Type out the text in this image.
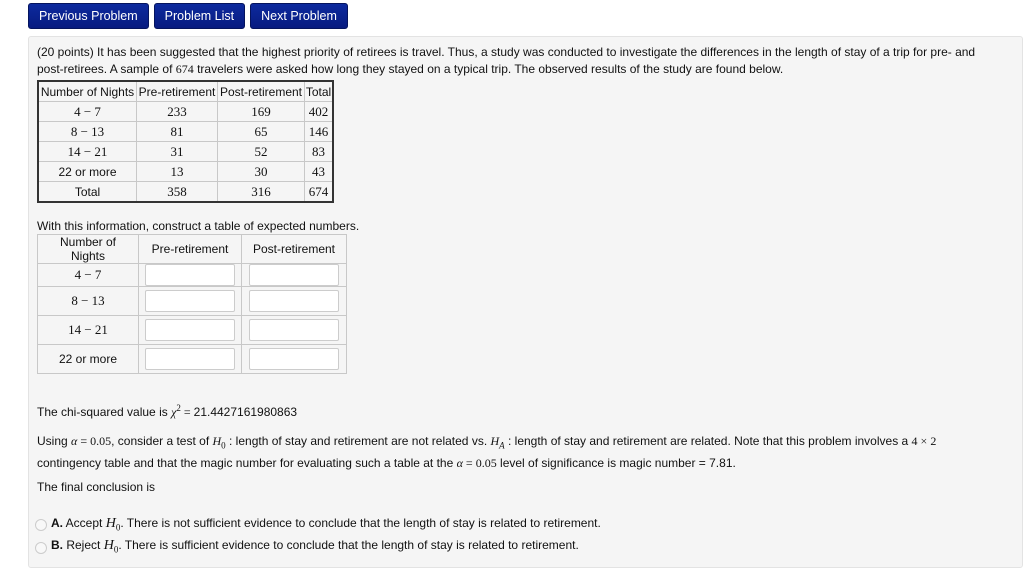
Previous Problem	Problem List	Next Problem

(20 points) It has been suggested that the highest priority of retirees is travel. Thus, a study was conducted to investigate the differences in the length of stay of a trip for pre- and
post-retirees. A sample of 674 travelers were asked how long they stayed on a typical trip. The observed results of the study are found below.

Number of Nights	Pre-retirement	Post-retirement	Total
4 − 7	233	169	402
8 − 13	81	65	146
14 − 21	31	52	83
22 or more	13	30	43
Total	358	316	674

With this information, construct a table of expected numbers.

Number of Nights	Pre-retirement	Post-retirement
4 − 7		
8 − 13		
14 − 21		
22 or more		

The chi-squared value is $\chi^2 = 21.4427161980863$

Using α = 0.05, consider a test of $H_0$ : length of stay and retirement are not related vs. $H_A$ : length of stay and retirement are related. Note that this problem involves a 4 × 2
contingency table and that the magic number for evaluating such a table at the α = 0.05 level of significance is magic number = 7.81.

The final conclusion is

A. Accept $H_0$. There is not sufficient evidence to conclude that the length of stay is related to retirement.
B. Reject $H_0$. There is sufficient evidence to conclude that the length of stay is related to retirement.
